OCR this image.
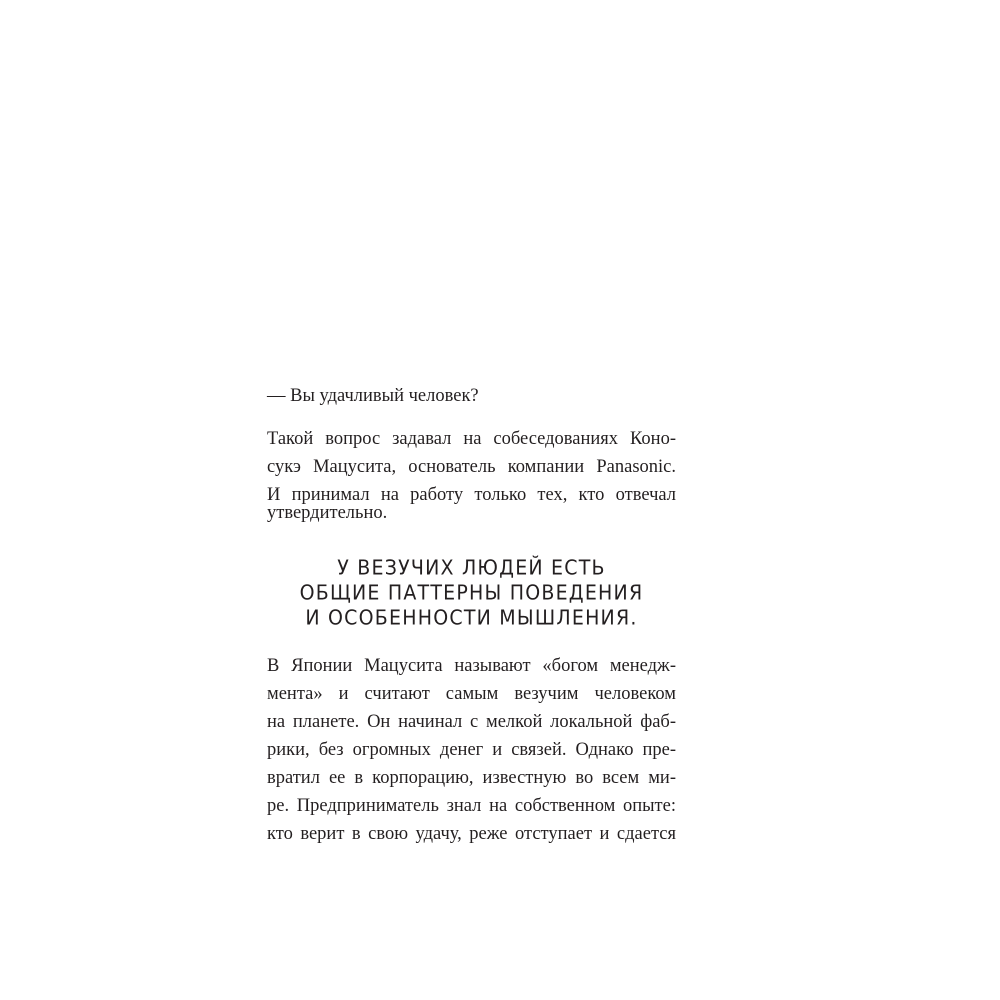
— Вы удачливый человек?
Такой вопрос задавал на собеседованиях Коно-
сукэ Мацусита, основатель компании Panasonic.
И принимал на работу только тех, кто отвечал
утвердительно.
У ВЕЗУЧИХ ЛЮДЕЙ ЕСТЬ
ОБЩИЕ ПАТТЕРНЫ ПОВЕДЕНИЯ
И ОСОБЕННОСТИ МЫШЛЕНИЯ.
В Японии Мацусита называют «богом менедж-
мента» и считают самым везучим человеком
на планете. Он начинал с мелкой локальной фаб-
рики, без огромных денег и связей. Однако пре-
вратил ее в корпорацию, известную во всем ми-
ре. Предприниматель знал на собственном опыте:
кто верит в свою удачу, реже отступает и сдается
